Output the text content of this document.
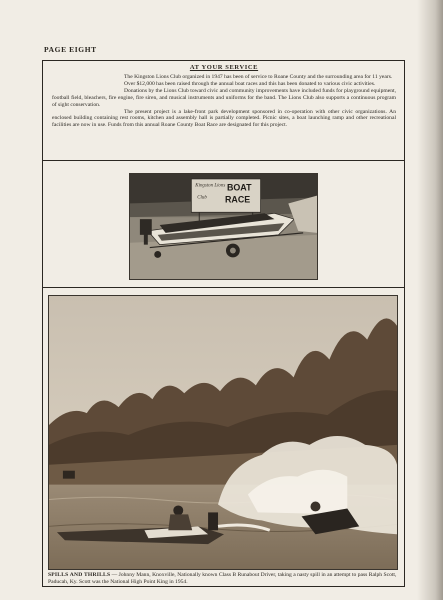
PAGE EIGHT
AT YOUR SERVICE

The Kingston Lions Club organized in 1947 has been of service to Roane County and the surrounding area for 11 years.

Over $12,000 has been raised through the annual boat races and this has been donated to various civic activities.

Donations by the Lions Club toward civic and community improvements have included funds for playground equipment, football field, bleachers, fire engine, fire siren, and musical instruments and uniforms for the band. The Lions Club also supports a continuous program of sight conservation.

The present project is a lake-front park development sponsored in co-operation with other civic organizations. An enclosed building containing rest rooms, kitchen and assembly hall is partially completed. Picnic sites, a boat launching ramp and other recreational facilities are now in use. Funds from this annual Roane County Boat Race are designated for this project.

Kingston Lions BOAT
RACE
Club
SPILLS AND THRILLS — Johnny Mann, Knoxville, Nationally known Class B Runabout Driver, taking a nasty spill in an attempt to pass Ralph Scott, Paducah, Ky. Scott was the National High Point King in 1954.
